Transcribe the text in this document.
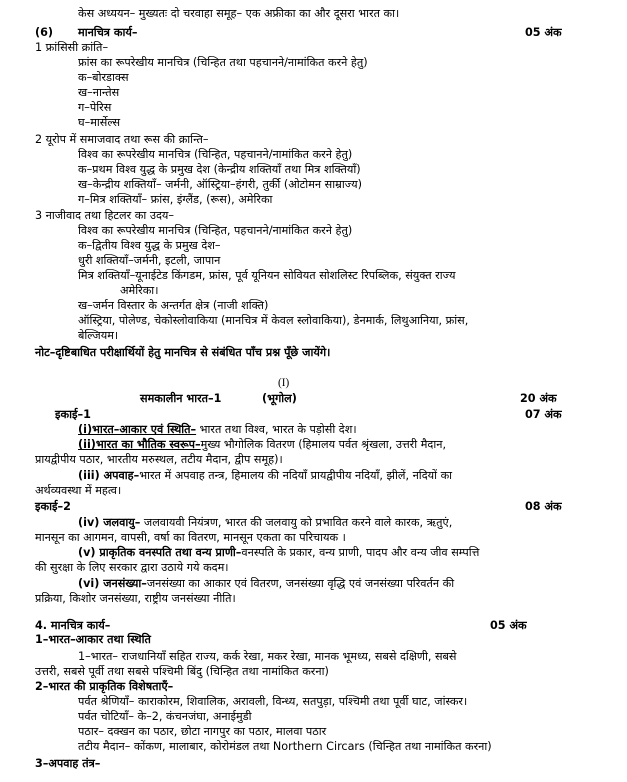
केस अध्ययन– मुख्यतः दो चरवाहा समूह– एक अफ्रीका का और दूसरा भारत का।
(6) मानचित्र कार्य–	05 अंक
1 फ्रांसिसी क्रांति–
फ्रांस का रूपरेखीय मानचित्र (चिन्हित तथा पहचानने/नामांकित करने हेतु)
क–बोरडाक्स
ख–नान्तेस
ग–पेरिस
घ–मार्सेल्स
2 यूरोप में समाजवाद तथा रूस की क्रान्ति–
विश्व का रूपरेखीय मानचित्र (चिन्हित, पहचानने/नामांकित करने हेतु)
क–प्रथम विश्व युद्ध के प्रमुख देश (केन्द्रीय शक्तियाँ तथा मित्र शक्तियाँ)
ख–केन्द्रीय शक्तियाँ– जर्मनी, ऑस्ट्रिया–हंगरी, तुर्की (ओटोमन साम्राज्य)
ग–मित्र शक्तियाँ– फ्रांस, इंग्लैंड, (रूस), अमेरिका
3 नाजीवाद तथा हिटलर का उदय–
विश्व का रूपरेखीय मानचित्र (चिन्हित, पहचानने/नामांकित करने हेतु)
क–द्वितीय विश्व युद्ध के प्रमुख देश–
धुरी शक्तियाँ–जर्मनी, इटली, जापान
मित्र शक्तियाँ–यूनाईटेड किंगडम, फ्रांस, पूर्व यूनियन सोवियत सोशलिस्ट रिपब्लिक, संयुक्त राज्य
अमेरिका।
ख–जर्मन विस्तार के अन्तर्गत क्षेत्र (नाजी शक्ति)
ऑस्ट्रिया, पोलेण्ड, चेकोस्लोवाकिया (मानचित्र में केवल स्लोवाकिया), डेनमार्क, लिथुआनिया, फ्रांस,
बेल्जियम।
नोट–दृष्टिबाधित परीक्षार्थियों हेतु मानचित्र से संबंधित पाँच प्रश्न पूँछे जायेंगे।
(I)
समकालीन भारत–1	(भूगोल)	20 अंक
इकाई–1	07 अंक
(i)भारत–आकार एवं स्थिति– भारत तथा विश्व, भारत के पड़ोसी देश।
(ii)भारत का भौतिक स्वरूप–मुख्य भौगोलिक वितरण (हिमालय पर्वत श्रृंखला, उत्तरी मैदान,
प्रायद्वीपीय पठार, भारतीय मरुस्थल, तटीय मैदान, द्वीप समूह)।
(iii) अपवाह–भारत में अपवाह तन्त्र, हिमालय की नदियाँ प्रायद्वीपीय नदियाँ, झीलें, नदियों का
अर्थव्यवस्था में महत्व।
इकाई–2	08 अंक
(iv) जलवायु– जलवायवी नियंत्रण, भारत की जलवायु को प्रभावित करने वाले कारक, ऋतुएं,
मानसून का आगमन, वापसी, वर्षा का वितरण, मानसून एकता का परिचायक ।
(v) प्राकृतिक वनस्पति तथा वन्य प्राणी–वनस्पति के प्रकार, वन्य प्राणी, पादप और वन्य जीव सम्पत्ति
की सुरक्षा के लिए सरकार द्वारा उठाये गये कदम।
(vi) जनसंख्या–जनसंख्या का आकार एवं वितरण, जनसंख्या वृद्धि एवं जनसंख्या परिवर्तन की
प्रक्रिया, किशोर जनसंख्या, राष्ट्रीय जनसंख्या नीति।
4. मानचित्र कार्य–	05 अंक
1–भारत–आकार तथा स्थिति
1–भारत– राजधानियाँ सहित राज्य, कर्क रेखा, मकर रेखा, मानक भूमध्य, सबसे दक्षिणी, सबसे
उत्तरी, सबसे पूर्वी तथा सबसे पश्चिमी बिंदु (चिन्हित तथा नामांकित करना)
2–भारत की प्राकृतिक विशेषताएँ–
पर्वत श्रेणियाँ– काराकोरम, शिवालिक, अरावली, विन्ध्य, सतपुड़ा, पश्चिमी तथा पूर्वी घाट, जांस्कर।
पर्वत चोटियाँ– के–2, कंचनजंघा, अनाईमुडी
पठार– दक्खन का पठार, छोटा नागपुर का पठार, मालवा पठार
तटीय मैदान– कोंकण, मालाबार, कोरोमंडल तथा Northern Circars (चिन्हित तथा नामांकित करना)
3–अपवाह तंत्र–
